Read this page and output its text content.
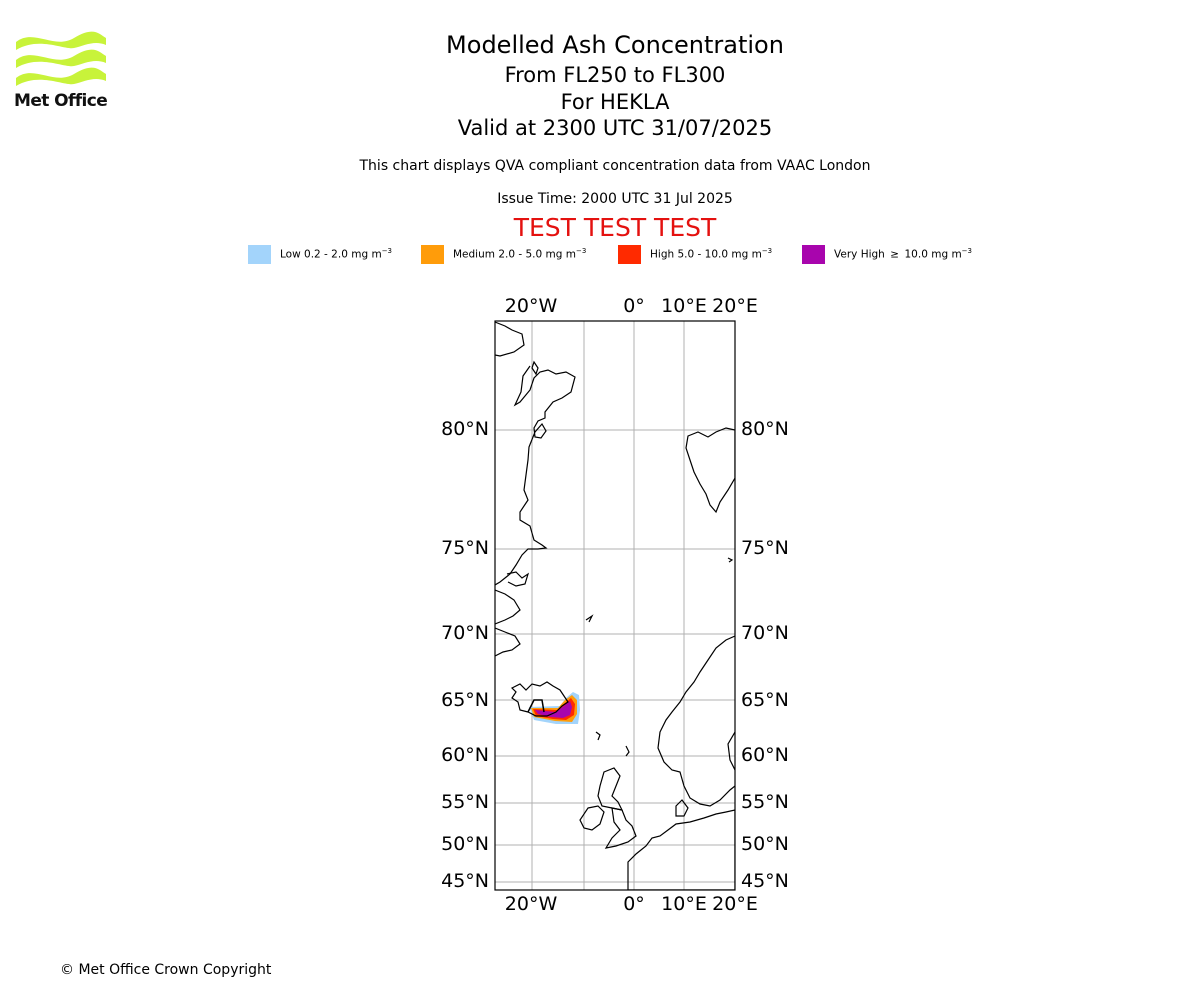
Met Office
Modelled Ash Concentration
From FL250 to FL300
For HEKLA
Valid at 2300 UTC 31/07/2025
This chart displays QVA compliant concentration data from VAAC London
Issue Time: 2000 UTC 31 Jul 2025
TEST TEST TEST
Low 0.2 - 2.0 mg $m^{-3}$	Medium 2.0 - 5.0 mg $m^{-3}$	High 5.0 - 10.0 mg $m^{-3}$	Very High  ≥  10.0 mg $m^{-3}$
20°W	0° 10°E 20°E
20°W	0° 10°E 20°E
80°N
75°N
70°N
65°N
60°N
55°N
50°N
45°N
80°N
75°N
70°N
65°N
60°N
55°N
50°N
45°N
© Met Office Crown Copyright
